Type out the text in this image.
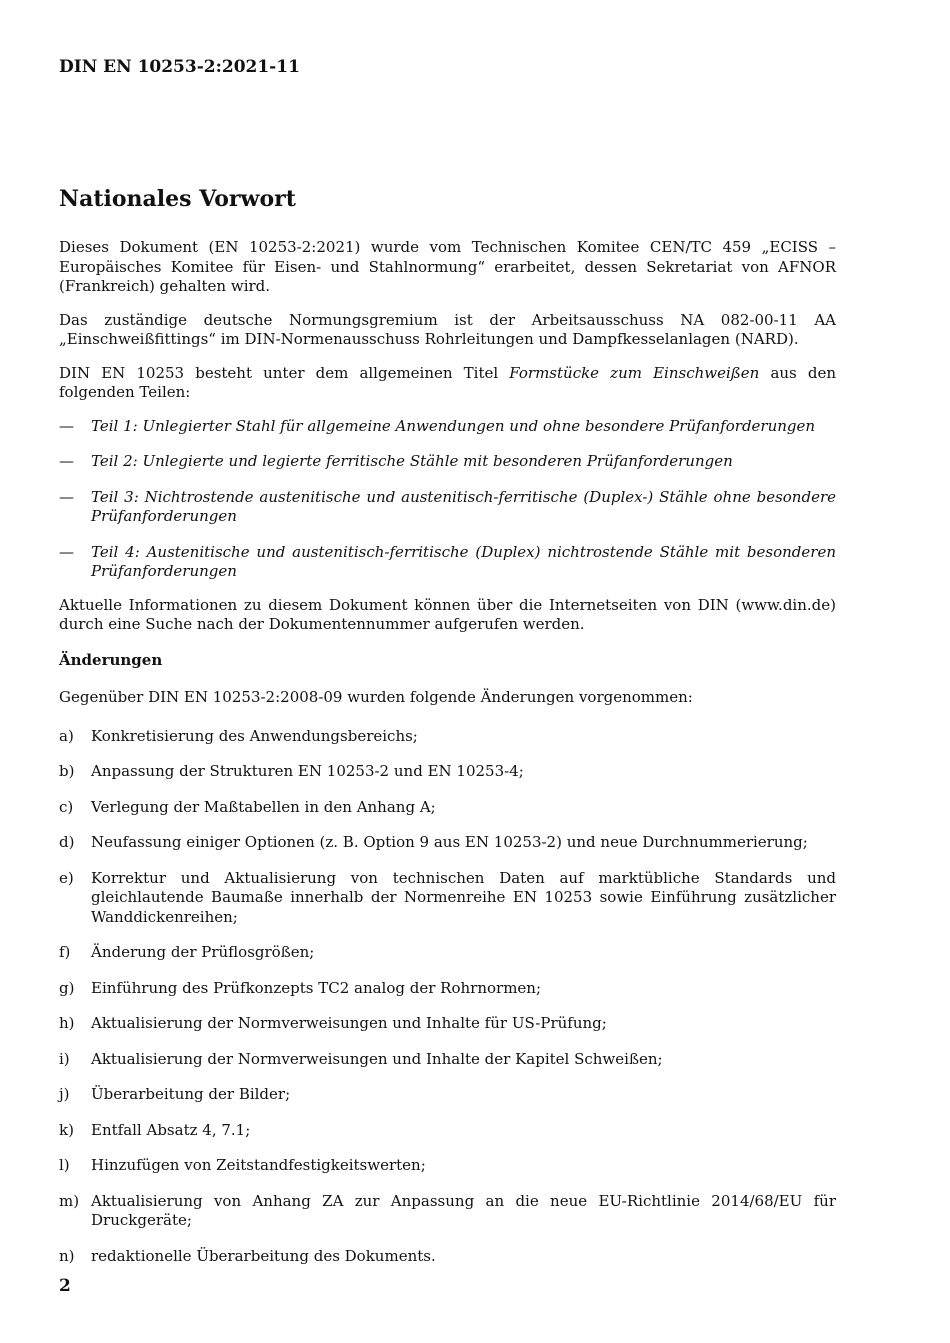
DIN EN 10253-2:2021-11

Nationales Vorwort

Dieses Dokument (EN 10253-2:2021) wurde vom Technischen Komitee CEN/TC 459 „ECISS – Europäisches Komitee für Eisen- und Stahlnormung“ erarbeitet, dessen Sekretariat von AFNOR (Frankreich) gehalten wird.

Das zuständige deutsche Normungsgremium ist der Arbeitsausschuss NA 082-00-11 AA „Einschweißfittings“ im DIN-Normenausschuss Rohrleitungen und Dampfkesselanlagen (NARD).

DIN EN 10253 besteht unter dem allgemeinen Titel Formstücke zum Einschweißen aus den folgenden Teilen:

—	Teil 1: Unlegierter Stahl für allgemeine Anwendungen und ohne besondere Prüfanforderungen
—	Teil 2: Unlegierte und legierte ferritische Stähle mit besonderen Prüfanforderungen
—	Teil 3: Nichtrostende austenitische und austenitisch-ferritische (Duplex-) Stähle ohne besondere Prüfanforderungen
—	Teil 4: Austenitische und austenitisch-ferritische (Duplex) nichtrostende Stähle mit besonderen Prüfanforderungen

Aktuelle Informationen zu diesem Dokument können über die Internetseiten von DIN (www.din.de) durch eine Suche nach der Dokumentennummer aufgerufen werden.

Änderungen

Gegenüber DIN EN 10253-2:2008-09 wurden folgende Änderungen vorgenommen:

a)	Konkretisierung des Anwendungsbereichs;
b)	Anpassung der Strukturen EN 10253-2 und EN 10253-4;
c)	Verlegung der Maßtabellen in den Anhang A;
d)	Neufassung einiger Optionen (z. B. Option 9 aus EN 10253-2) und neue Durchnummerierung;
e)	Korrektur und Aktualisierung von technischen Daten auf marktübliche Standards und gleichlautende Baumaße innerhalb der Normenreihe EN 10253 sowie Einführung zusätzlicher Wanddickenreihen;
f)	Änderung der Prüflosgrößen;
g)	Einführung des Prüfkonzepts TC2 analog der Rohrnormen;
h)	Aktualisierung der Normverweisungen und Inhalte für US-Prüfung;
i)	Aktualisierung der Normverweisungen und Inhalte der Kapitel Schweißen;
j)	Überarbeitung der Bilder;
k)	Entfall Absatz 4, 7.1;
l)	Hinzufügen von Zeitstandfestigkeitswerten;
m) Aktualisierung von Anhang ZA zur Anpassung an die neue EU-Richtlinie 2014/68/EU für Druckgeräte;
n)	redaktionelle Überarbeitung des Dokuments.

2
